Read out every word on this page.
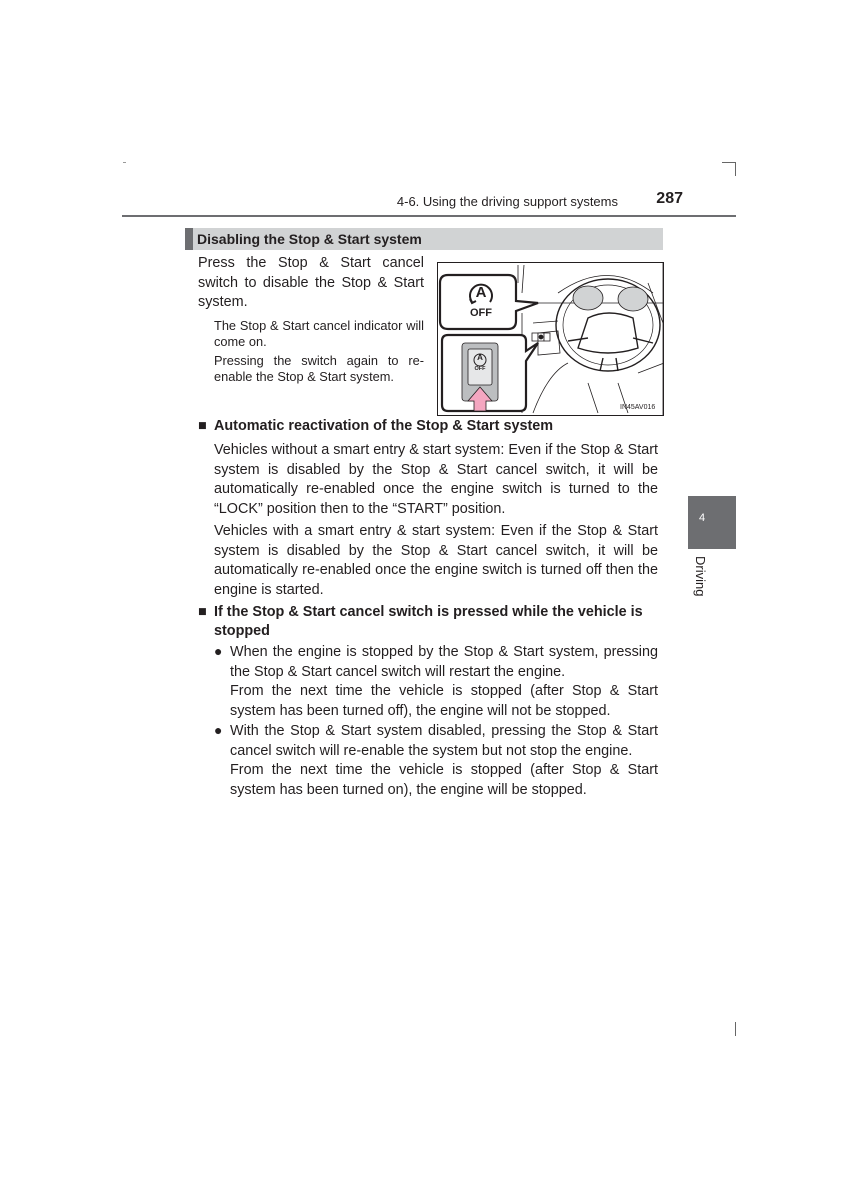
4-6. Using the driving support systems	287
4
Driving
Disabling the Stop & Start system
Press the Stop & Start cancel switch to disable the Stop & Start system.
The Stop & Start cancel indicator will come on.
Pressing the switch again to re-enable the Stop & Start system.
A
OFF
A
OFF
IN45AV016
■ Automatic reactivation of the Stop & Start system
Vehicles without a smart entry & start system: Even if the Stop & Start system is disabled by the Stop & Start cancel switch, it will be automatically re-enabled once the engine switch is turned to the “LOCK” position then to the “START” position.
Vehicles with a smart entry & start system: Even if the Stop & Start system is disabled by the Stop & Start cancel switch, it will be automatically re-enabled once the engine switch is turned off then the engine is started.
■ If the Stop & Start cancel switch is pressed while the vehicle is
stopped
● When the engine is stopped by the Stop & Start system, pressing the Stop & Start cancel switch will restart the engine.
From the next time the vehicle is stopped (after Stop & Start system has been turned off), the engine will not be stopped.
● With the Stop & Start system disabled, pressing the Stop & Start cancel switch will re-enable the system but not stop the engine.
From the next time the vehicle is stopped (after Stop & Start system has been turned on), the engine will be stopped.
